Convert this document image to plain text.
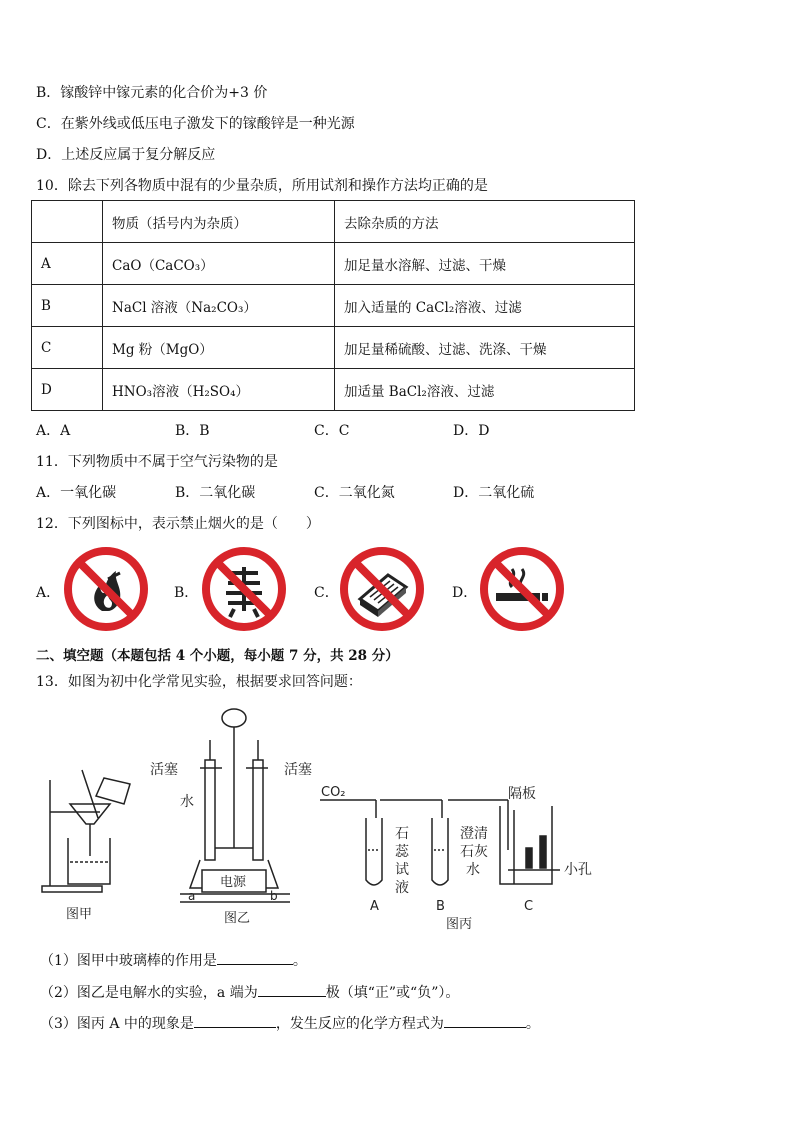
B．镓酸锌中镓元素的化合价为+3 价
C．在紫外线或低压电子激发下的镓酸锌是一种光源
D．上述反应属于复分解反应
10．除去下列各物质中混有的少量杂质，所用试剂和操作方法均正确的是
	物质（括号内为杂质）	去除杂质的方法
A	CaO（CaCO₃）	加足量水溶解、过滤、干燥
B	NaCl 溶液（Na₂CO₃）	加入适量的 CaCl₂溶液、过滤
C	Mg 粉（MgO）	加足量稀硫酸、过滤、洗涤、干燥
D	HNO₃溶液（H₂SO₄）	加适量 BaCl₂溶液、过滤
A．A	B．B	C．C	D．D
11．下列物质中不属于空气污染物的是
A．一氧化碳	B．二氧化碳	C．二氧化氮	D．二氧化硫
12．下列图标中，表示禁止烟火的是（　　）
A．	B．	C．	D．
二、填空题（本题包括 4 个小题，每小题 7 分，共 28 分）
13．如图为初中化学常见实验，根据要求回答问题：
活塞	活塞
水
电源
a	b
图甲	图乙
CO₂
石
蕊
试
液
澄清
石灰
水
隔板
小孔
A	B	C
图丙
（1）图甲中玻璃棒的作用是	。
（2）图乙是电解水的实验，a 端为	极（填“正”或“负”）。
（3）图丙 A 中的现象是	，发生反应的化学方程式为	。
